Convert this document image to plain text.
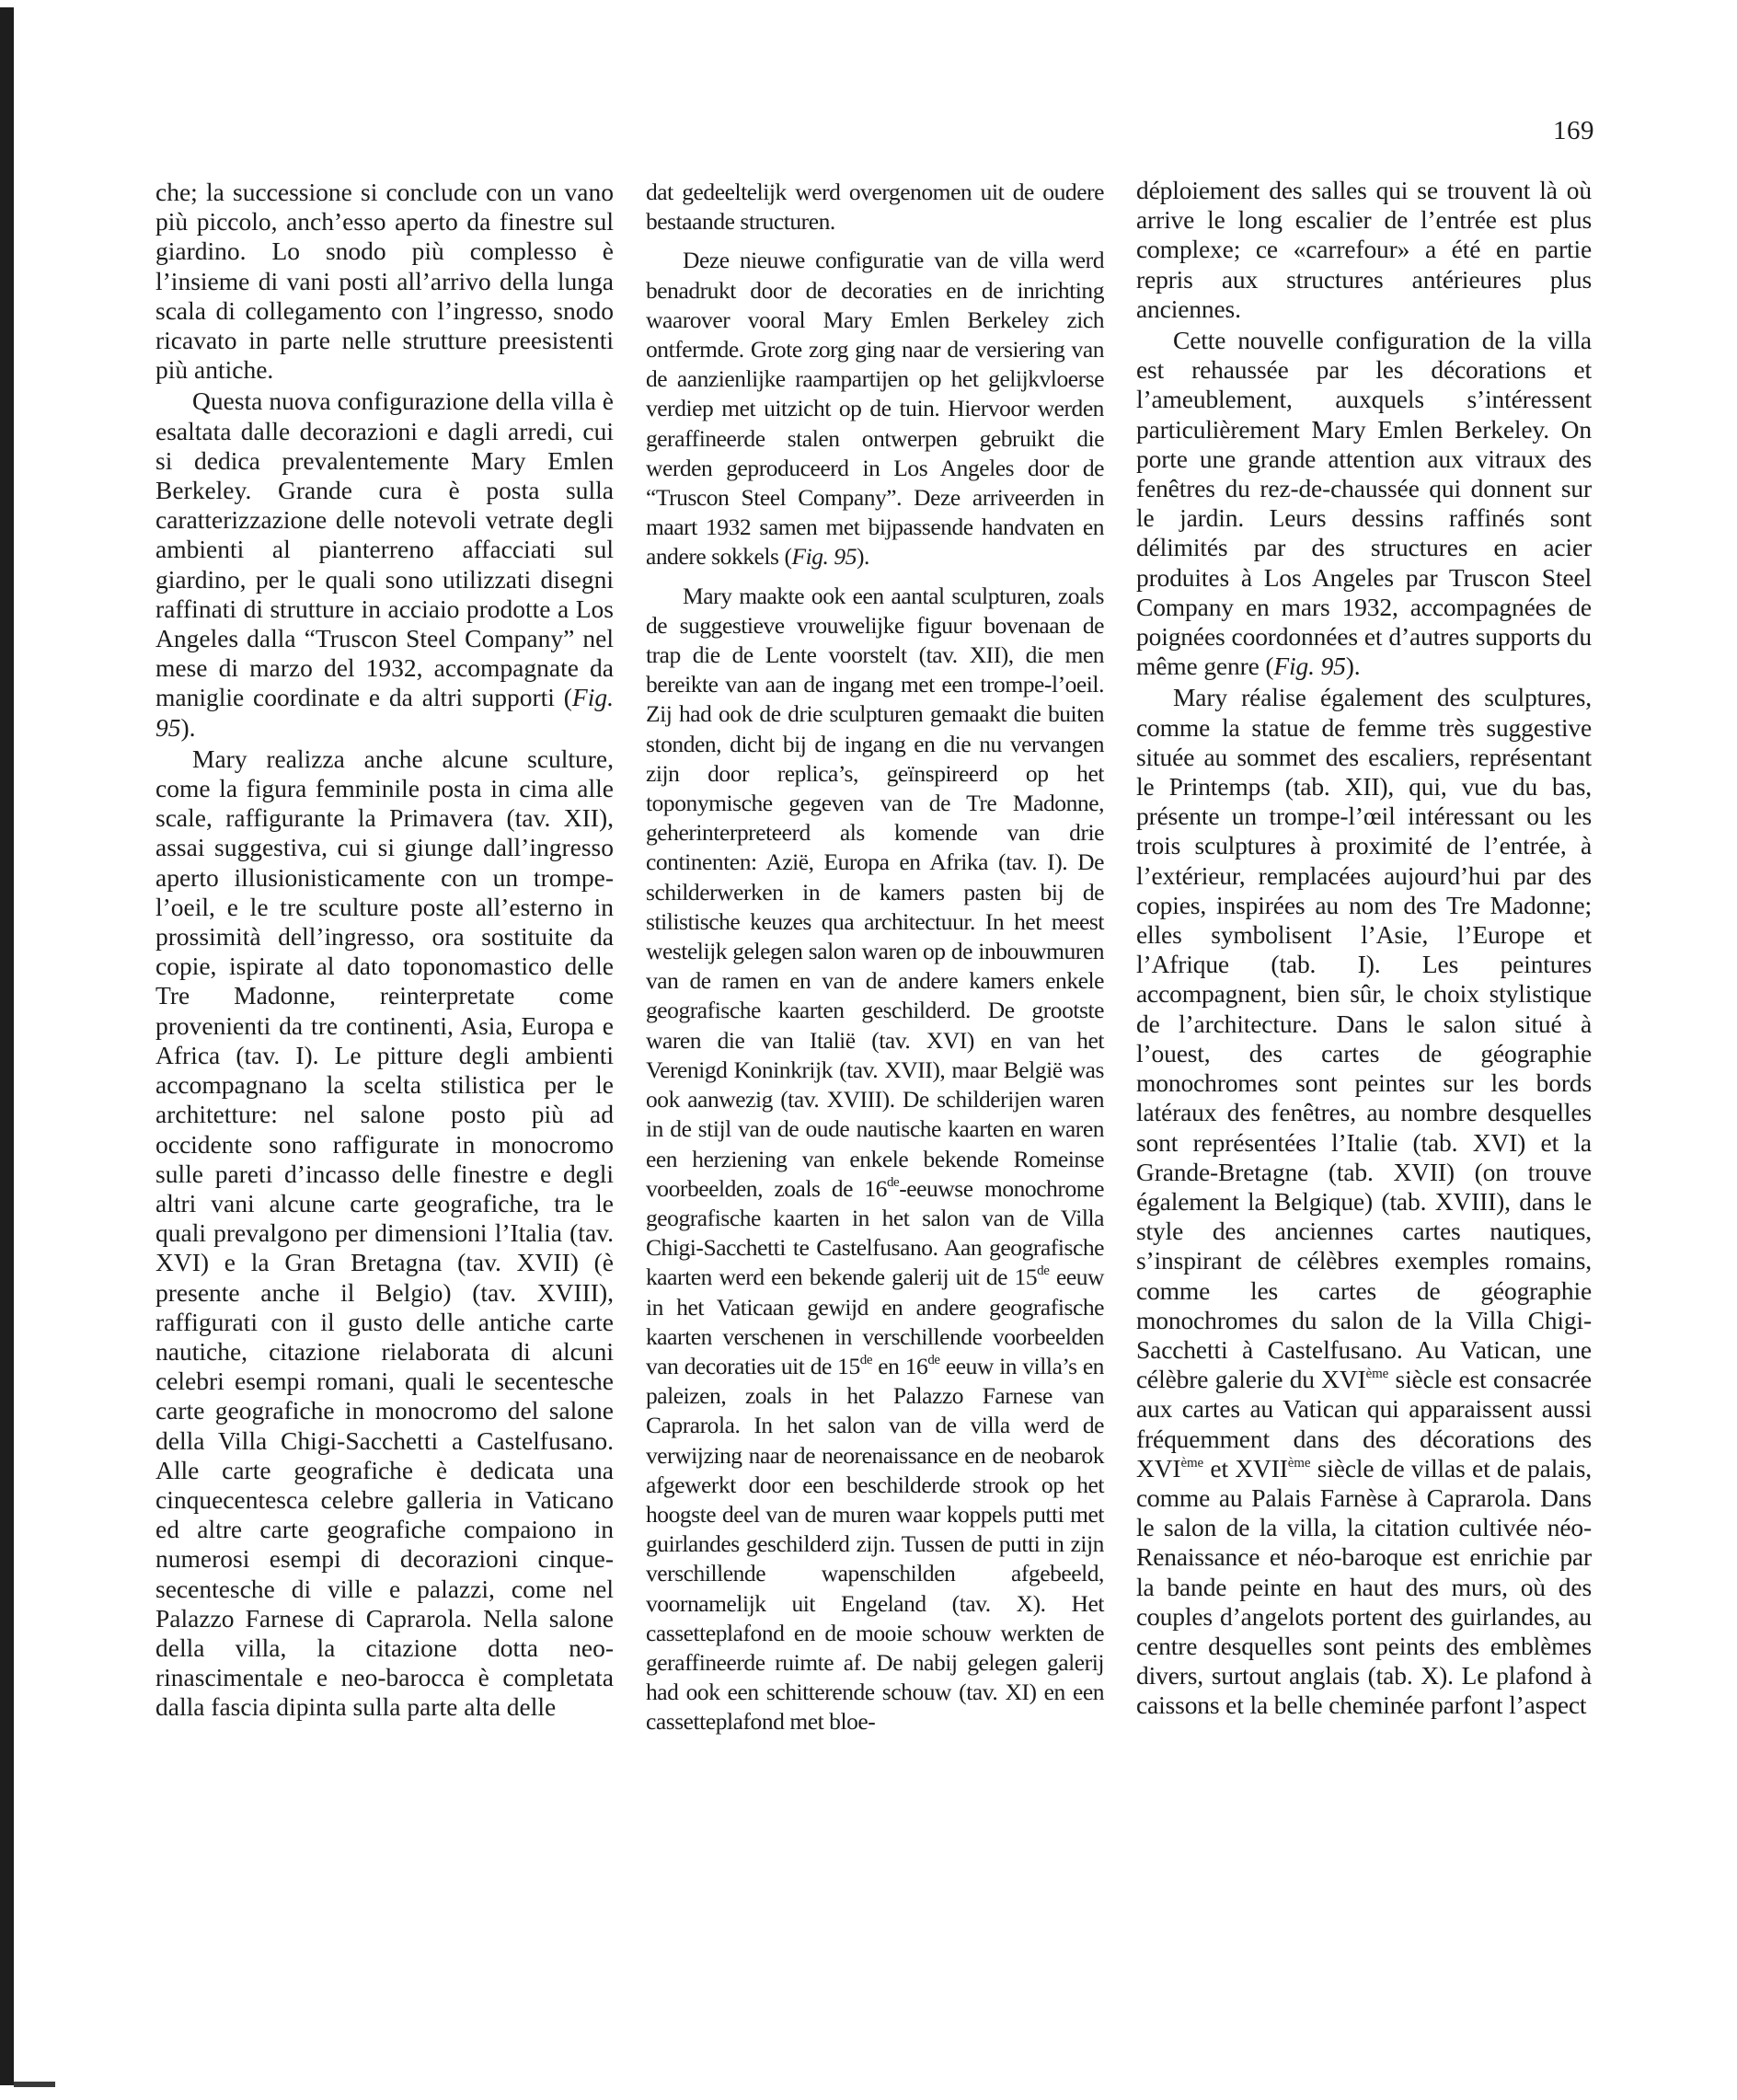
169

che; la successione si conclude con un vano più piccolo, anch’esso aperto da finestre sul giardino. Lo snodo più complesso è l’insieme di vani posti all’arrivo della lunga scala di collegamento con l’ingresso, snodo ricavato in parte nelle strutture preesistenti più antiche.

Questa nuova configurazione della villa è esaltata dalle decorazioni e dagli arredi, cui si dedica prevalentemente Mary Emlen Berkeley. Grande cura è posta sulla caratterizzazione delle notevoli vetrate degli ambienti al pianterreno affacciati sul giardino, per le quali sono utilizzati disegni raffinati di strutture in acciaio prodotte a Los Angeles dalla “Truscon Steel Company” nel mese di marzo del 1932, accompagnate da maniglie coordinate e da altri supporti (Fig. 95).

Mary realizza anche alcune sculture, come la figura femminile posta in cima alle scale, raffigurante la Primavera (tav. XII), assai suggestiva, cui si giunge dall’ingresso aperto illusionisticamente con un trompe-l’oeil, e le tre sculture poste all’esterno in prossimità dell’ingresso, ora sostituite da copie, ispirate al dato toponomastico delle Tre Madonne, reinterpretate come provenienti da tre continenti, Asia, Europa e Africa (tav. I). Le pitture degli ambienti accompagnano la scelta stilistica per le architetture: nel salone posto più ad occidente sono raffigurate in monocromo sulle pareti d’incasso delle finestre e degli altri vani alcune carte geografiche, tra le quali prevalgono per dimensioni l’Italia (tav. XVI) e la Gran Bretagna (tav. XVII) (è presente anche il Belgio) (tav. XVIII), raffigurati con il gusto delle antiche carte nautiche, citazione rielaborata di alcuni celebri esempi romani, quali le secentesche carte geografiche in monocromo del salone della Villa Chigi-Sacchetti a Castelfusano. Alle carte geografiche è dedicata una cinquecentesca celebre galleria in Vaticano ed altre carte geografiche compaiono in numerosi esempi di decorazioni cinque-secentesche di ville e palazzi, come nel Palazzo Farnese di Caprarola. Nella salone della villa, la citazione dotta neo-rinascimentale e neo-barocca è completata dalla fascia dipinta sulla parte alta delle

dat gedeeltelijk werd overgenomen uit de oudere bestaande structuren.

Deze nieuwe configuratie van de villa werd benadrukt door de decoraties en de inrichting waarover vooral Mary Emlen Berkeley zich ontfermde. Grote zorg ging naar de versiering van de aanzienlijke raampartijen op het gelijkvloerse verdiep met uitzicht op de tuin. Hiervoor werden geraffineerde stalen ontwerpen gebruikt die werden geproduceerd in Los Angeles door de “Truscon Steel Company”. Deze arriveerden in maart 1932 samen met bijpassende handvaten en andere sokkels (Fig. 95).

Mary maakte ook een aantal sculpturen, zoals de suggestieve vrouwelijke figuur bovenaan de trap die de Lente voorstelt (tav. XII), die men bereikte van aan de ingang met een trompe-l’oeil. Zij had ook de drie sculpturen gemaakt die buiten stonden, dicht bij de ingang en die nu vervangen zijn door replica’s, geïnspireerd op het toponymische gegeven van de Tre Madonne, geherinterpreteerd als komende van drie continenten: Azië, Europa en Afrika (tav. I). De schilderwerken in de kamers pasten bij de stilistische keuzes qua architectuur. In het meest westelijk gelegen salon waren op de inbouwmuren van de ramen en van de andere kamers enkele geografische kaarten geschilderd. De grootste waren die van Italië (tav. XVI) en van het Verenigd Koninkrijk (tav. XVII), maar België was ook aanwezig (tav. XVIII). De schilderijen waren in de stijl van de oude nautische kaarten en waren een herziening van enkele bekende Romeinse voorbeelden, zoals de 16de-eeuwse monochrome geografische kaarten in het salon van de Villa Chigi-Sacchetti te Castelfusano. Aan geografische kaarten werd een bekende galerij uit de 15de eeuw in het Vaticaan gewijd en andere geografische kaarten verschenen in verschillende voorbeelden van decoraties uit de 15de en 16de eeuw in villa’s en paleizen, zoals in het Palazzo Farnese van Caprarola. In het salon van de villa werd de verwijzing naar de neorenaissance en de neobarok afgewerkt door een beschilderde strook op het hoogste deel van de muren waar koppels putti met guirlandes geschilderd zijn. Tussen de putti in zijn verschillende wapenschilden afgebeeld, voornamelijk uit Engeland (tav. X). Het cassetteplafond en de mooie schouw werkten de geraffineerde ruimte af. De nabij gelegen galerij had ook een schitterende schouw (tav. XI) en een cassetteplafond met bloe-

déploiement des salles qui se trouvent là où arrive le long escalier de l’entrée est plus complexe; ce «carrefour» a été en partie repris aux structures antérieures plus anciennes.

Cette nouvelle configuration de la villa est rehaussée par les décorations et l’ameublement, auxquels s’intéressent particulièrement Mary Emlen Berkeley. On porte une grande attention aux vitraux des fenêtres du rez-de-chaussée qui donnent sur le jardin. Leurs dessins raffinés sont délimités par des structures en acier produites à Los Angeles par Truscon Steel Company en mars 1932, accompagnées de poignées coordonnées et d’autres supports du même genre (Fig. 95).

Mary réalise également des sculptures, comme la statue de femme très suggestive située au sommet des escaliers, représentant le Printemps (tab. XII), qui, vue du bas, présente un trompe-l’œil intéressant ou les trois sculptures à proximité de l’entrée, à l’extérieur, remplacées aujourd’hui par des copies, inspirées au nom des Tre Madonne; elles symbolisent l’Asie, l’Europe et l’Afrique (tab. I). Les peintures accompagnent, bien sûr, le choix stylistique de l’architecture. Dans le salon situé à l’ouest, des cartes de géographie monochromes sont peintes sur les bords latéraux des fenêtres, au nombre desquelles sont représentées l’Italie (tab. XVI) et la Grande-Bretagne (tab. XVII) (on trouve également la Belgique) (tab. XVIII), dans le style des anciennes cartes nautiques, s’inspirant de célèbres exemples romains, comme les cartes de géographie monochromes du salon de la Villa Chigi-Sacchetti à Castelfusano. Au Vatican, une célèbre galerie du XVIème siècle est consacrée aux cartes au Vatican qui apparaissent aussi fréquemment dans des décorations des XVIème et XVIIème siècle de villas et de palais, comme au Palais Farnèse à Caprarola. Dans le salon de la villa, la citation cultivée néo-Renaissance et néo-baroque est enrichie par la bande peinte en haut des murs, où des couples d’angelots portent des guirlandes, au centre desquelles sont peints des emblèmes divers, surtout anglais (tab. X). Le plafond à caissons et la belle cheminée parfont l’aspect
